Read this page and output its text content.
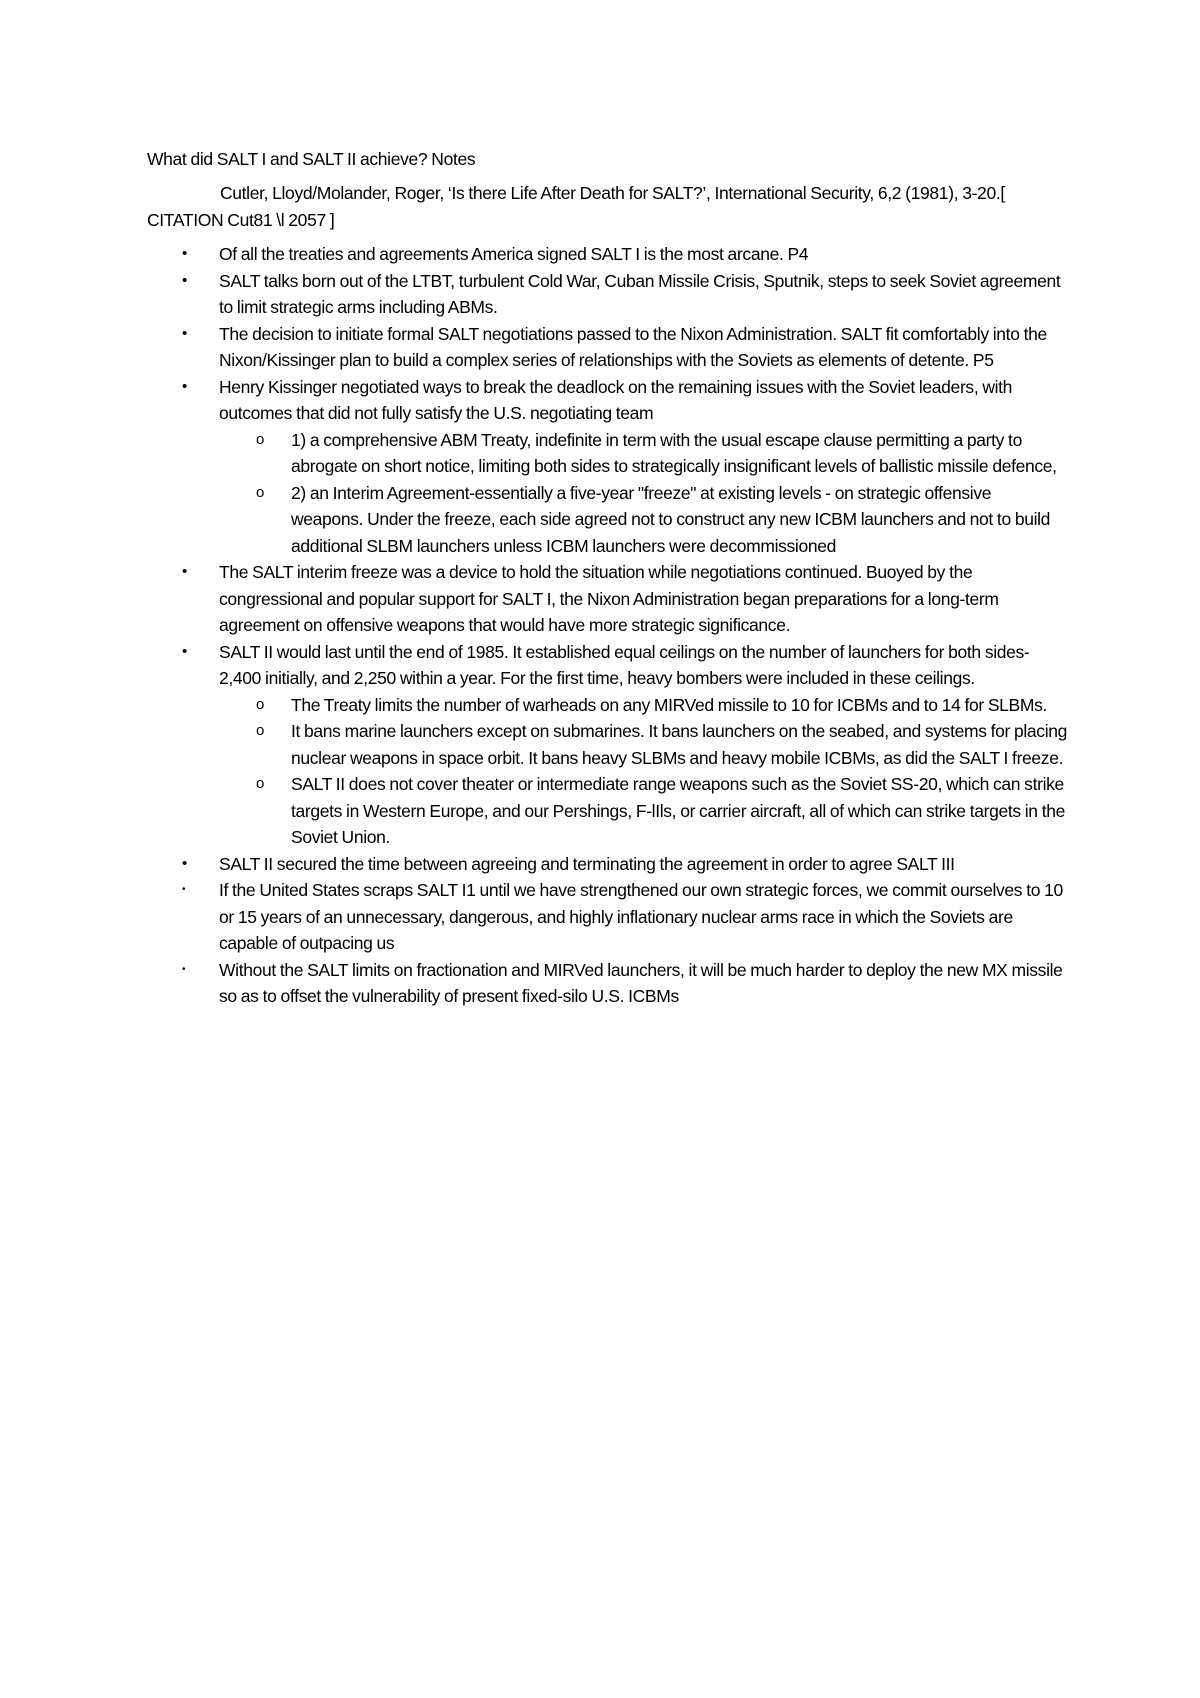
What did SALT I and SALT II achieve? Notes
Cutler, Lloyd/Molander, Roger, ‘Is there Life After Death for SALT?’, International Security, 6,2 (1981), 3-20.[ CITATION Cut81 \l 2057 ]
• Of all the treaties and agreements America signed SALT I is the most arcane. P4
• SALT talks born out of the LTBT, turbulent Cold War, Cuban Missile Crisis, Sputnik, steps to seek Soviet agreement to limit strategic arms including ABMs.
• The decision to initiate formal SALT negotiations passed to the Nixon Administration. SALT fit comfortably into the Nixon/Kissinger plan to build a complex series of relationships with the Soviets as elements of detente. P5
• Henry Kissinger negotiated ways to break the deadlock on the remaining issues with the Soviet leaders, with outcomes that did not fully satisfy the U.S. negotiating team
o 1) a comprehensive ABM Treaty, indefinite in term with the usual escape clause permitting a party to abrogate on short notice, limiting both sides to strategically insignificant levels of ballistic missile defence,
o 2) an Interim Agreement-essentially a five-year "freeze" at existing levels - on strategic offensive weapons. Under the freeze, each side agreed not to construct any new ICBM launchers and not to build additional SLBM launchers unless ICBM launchers were decommissioned
• The SALT interim freeze was a device to hold the situation while negotiations continued. Buoyed by the congressional and popular support for SALT I, the Nixon Administration began preparations for a long-term agreement on offensive weapons that would have more strategic significance.
• SALT II would last until the end of 1985. It established equal ceilings on the number of launchers for both sides-2,400 initially, and 2,250 within a year. For the first time, heavy bombers were included in these ceilings.
o The Treaty limits the number of warheads on any MIRVed missile to 10 for ICBMs and to 14 for SLBMs.
o It bans marine launchers except on submarines. It bans launchers on the seabed, and systems for placing nuclear weapons in space orbit. It bans heavy SLBMs and heavy mobile ICBMs, as did the SALT I freeze.
o SALT II does not cover theater or intermediate range weapons such as the Soviet SS-20, which can strike targets in Western Europe, and our Pershings, F-lIls, or carrier aircraft, all of which can strike targets in the Soviet Union.
• SALT II secured the time between agreeing and terminating the agreement in order to agree SALT III
• If the United States scraps SALT I1 until we have strengthened our own strategic forces, we commit ourselves to 10 or 15 years of an unnecessary, dangerous, and highly inflationary nuclear arms race in which the Soviets are capable of outpacing us
• Without the SALT limits on fractionation and MIRVed launchers, it will be much harder to deploy the new MX missile so as to offset the vulnerability of present fixed-silo U.S. ICBMs
